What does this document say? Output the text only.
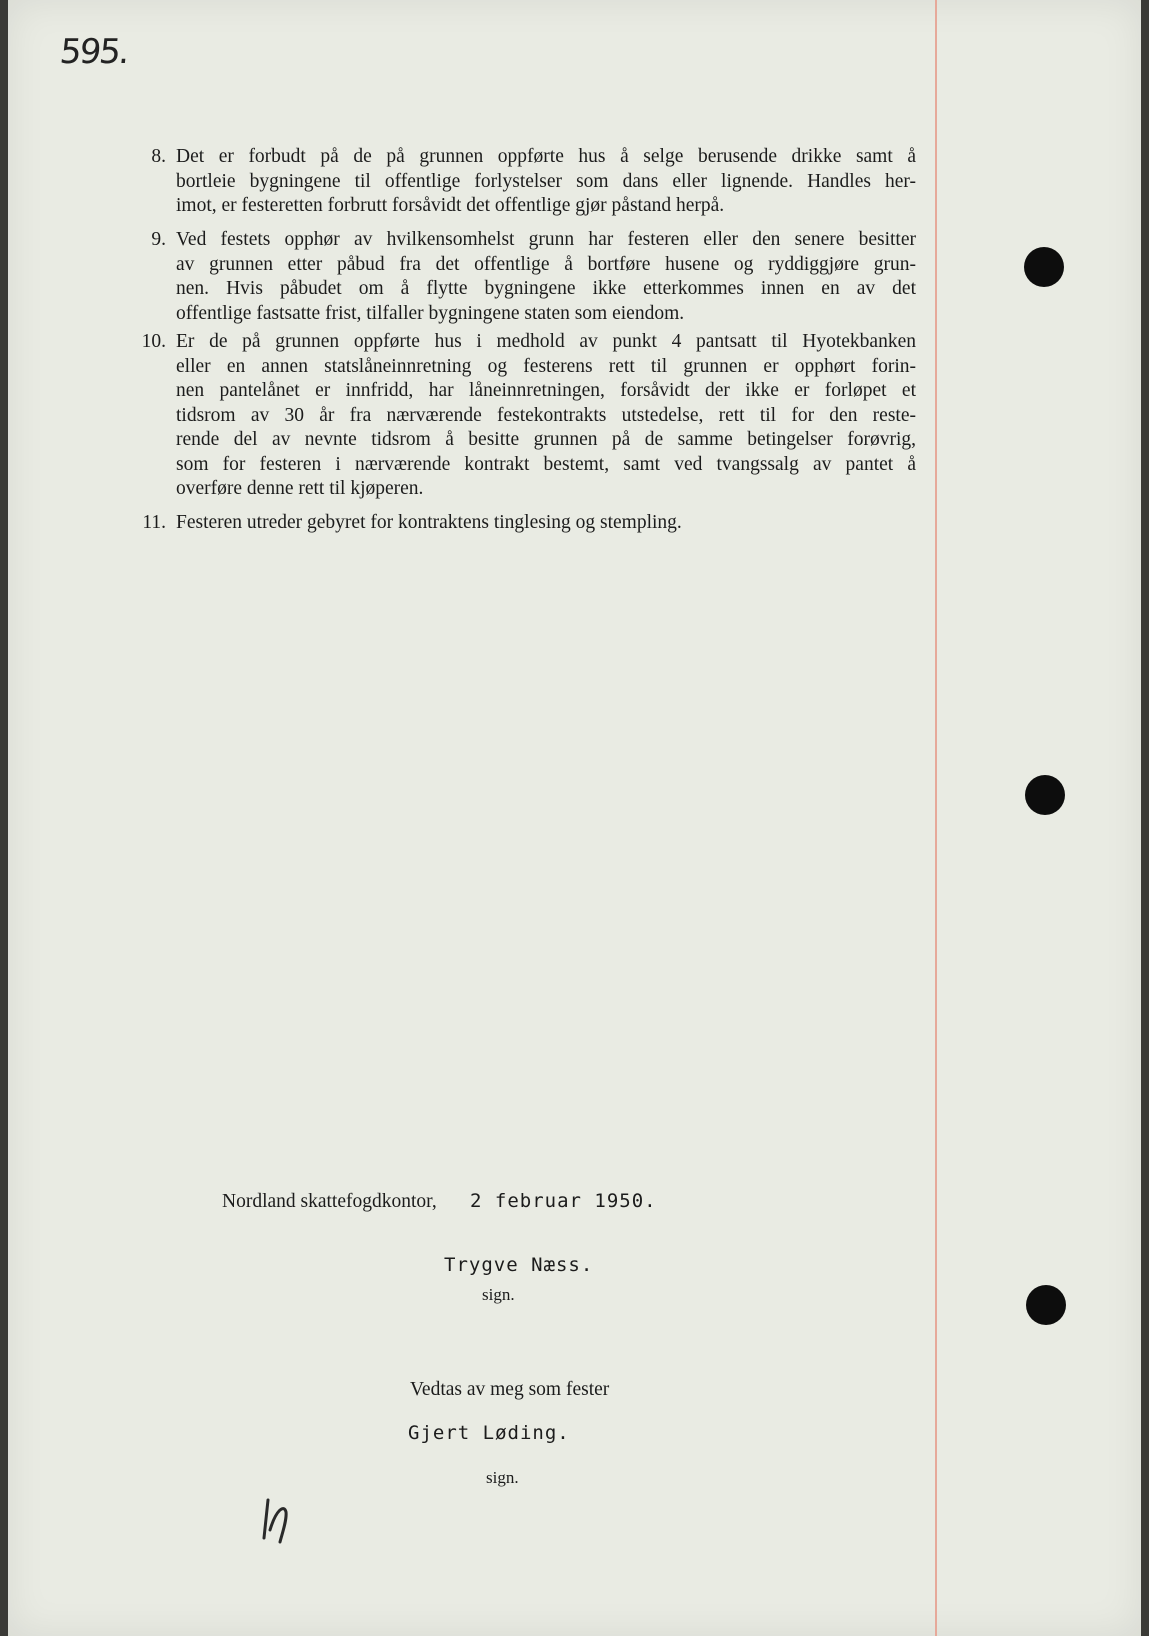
595.
8. Det er forbudt på de på grunnen oppførte hus å selge berusende drikke samt å
bortleie bygningene til offentlige forlystelser som dans eller lignende. Handles her-
imot, er festeretten forbrutt forsåvidt det offentlige gjør påstand herpå.
9. Ved festets opphør av hvilkensomhelst grunn har festeren eller den senere besitter
av grunnen etter påbud fra det offentlige å bortføre husene og ryddiggjøre grun-
nen. Hvis påbudet om å flytte bygningene ikke etterkommes innen en av det
offentlige fastsatte frist, tilfaller bygningene staten som eiendom.
10. Er de på grunnen oppførte hus i medhold av punkt 4 pantsatt til Hyotekbanken
eller en annen statslåneinnretning og festerens rett til grunnen er opphørt forin-
nen pantelånet er innfridd, har låneinnretningen, forsåvidt der ikke er forløpet et
tidsrom av 30 år fra nærværende festekontrakts utstedelse, rett til for den reste-
rende del av nevnte tidsrom å besitte grunnen på de samme betingelser forøvrig,
som for festeren i nærværende kontrakt bestemt, samt ved tvangssalg av pantet å
overføre denne rett til kjøperen.
11. Festeren utreder gebyret for kontraktens tinglesing og stempling.
Nordland skattefogdkontor, 2 februar 1950.
Trygve Næss.
sign.
Vedtas av meg som fester
Gjert Løding.
sign.
